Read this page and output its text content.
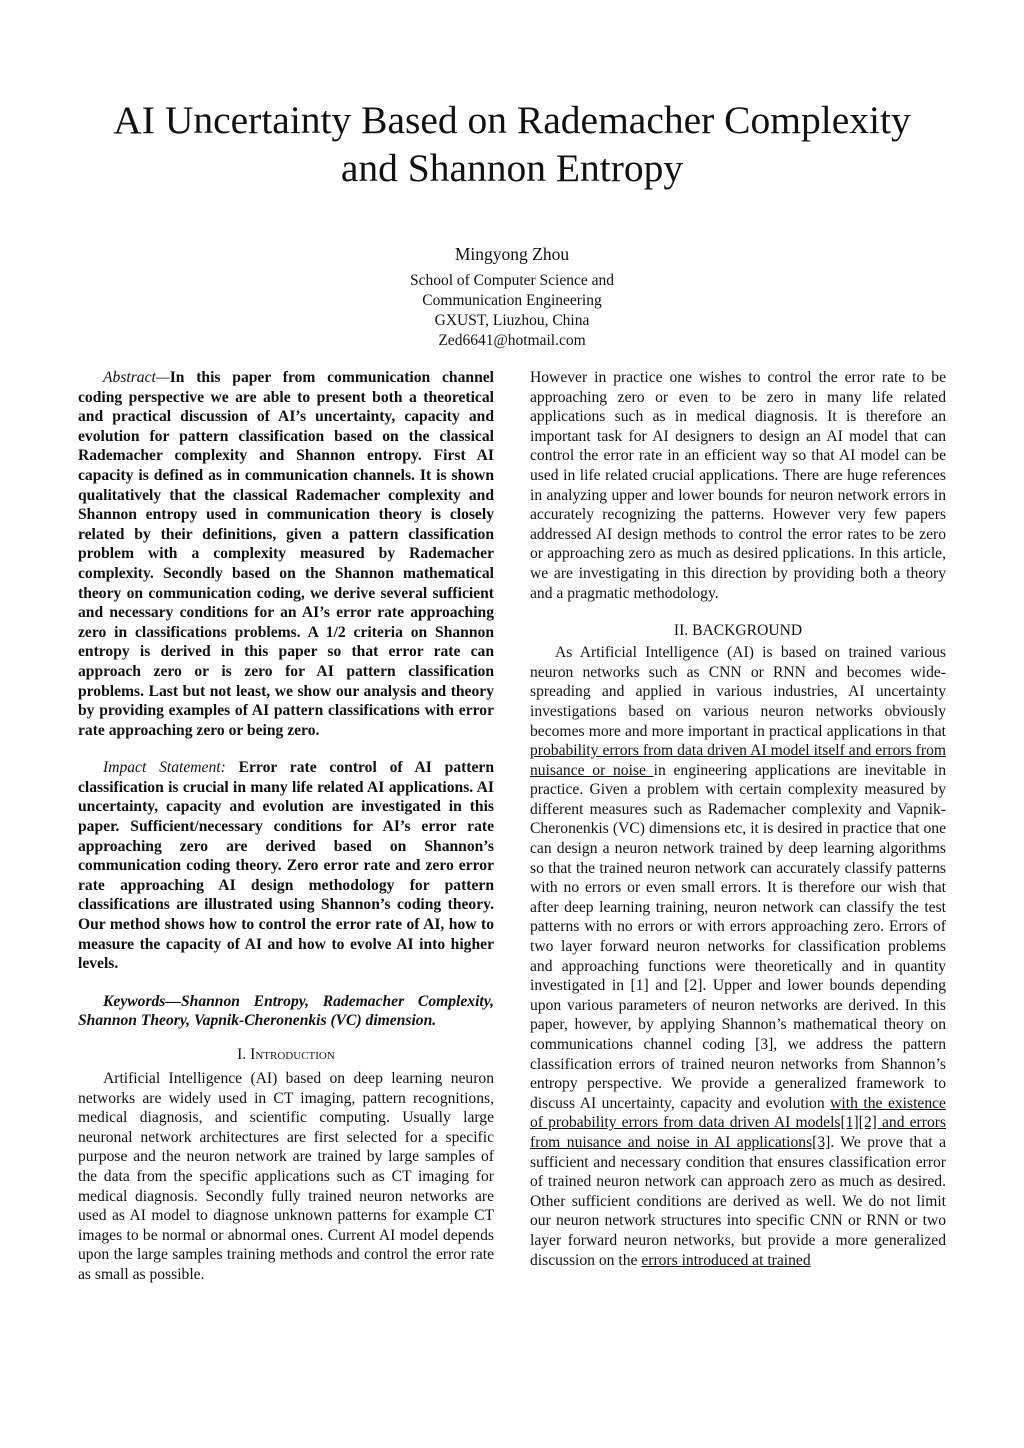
AI Uncertainty Based on Rademacher Complexity
and Shannon Entropy
Mingyong Zhou
School of Computer Science and
Communication Engineering
GXUST, Liuzhou, China
Zed6641@hotmail.com

Abstract—In this paper from communication channel coding perspective we are able to present both a theoretical and practical discussion of AI’s uncertainty, capacity and evolution for pattern classification based on the classical Rademacher complexity and Shannon entropy. First AI capacity is defined as in communication channels. It is shown qualitatively that the classical Rademacher complexity and Shannon entropy used in communication theory is closely related by their definitions, given a pattern classification problem with a complexity measured by Rademacher complexity. Secondly based on the Shannon mathematical theory on communication coding, we derive several sufficient and necessary conditions for an AI’s error rate approaching zero in classifications problems. A 1/2 criteria on Shannon entropy is derived in this paper so that error rate can approach zero or is zero for AI pattern classification problems. Last but not least, we show our analysis and theory by providing examples of AI pattern classifications with error rate approaching zero or being zero.

Impact Statement: Error rate control of AI pattern classification is crucial in many life related AI applications. AI uncertainty, capacity and evolution are investigated in this paper. Sufficient/necessary conditions for AI’s error rate approaching zero are derived based on Shannon’s communication coding theory. Zero error rate and zero error rate approaching AI design methodology for pattern classifications are illustrated using Shannon’s coding theory. Our method shows how to control the error rate of AI, how to measure the capacity of AI and how to evolve AI into higher levels.

Keywords—Shannon Entropy, Rademacher Complexity, Shannon Theory, Vapnik-Cheronenkis (VC) dimension.

I. Introduction

Artificial Intelligence (AI) based on deep learning neuron networks are widely used in CT imaging, pattern recognitions, medical diagnosis, and scientific computing. Usually large neuronal network architectures are first selected for a specific purpose and the neuron network are trained by large samples of the data from the specific applications such as CT imaging for medical diagnosis. Secondly fully trained neuron networks are used as AI model to diagnose unknown patterns for example CT images to be normal or abnormal ones. Current AI model depends upon the large samples training methods and control the error rate as small as possible.

However in practice one wishes to control the error rate to be approaching zero or even to be zero in many life related applications such as in medical diagnosis. It is therefore an important task for AI designers to design an AI model that can control the error rate in an efficient way so that AI model can be used in life related crucial applications. There are huge references in analyzing upper and lower bounds for neuron network errors in accurately recognizing the patterns. However very few papers addressed AI design methods to control the error rates to be zero or approaching zero as much as desired pplications. In this article, we are investigating in this direction by providing both a theory and a pragmatic methodology.

II. BACKGROUND

As Artificial Intelligence (AI) is based on trained various neuron networks such as CNN or RNN and becomes wide-spreading and applied in various industries, AI uncertainty investigations based on various neuron networks obviously becomes more and more important in practical applications in that probability errors from data driven AI model itself and errors from nuisance or noise in engineering applications are inevitable in practice. Given a problem with certain complexity measured by different measures such as Rademacher complexity and Vapnik-Cheronenkis (VC) dimensions etc, it is desired in practice that one can design a neuron network trained by deep learning algorithms so that the trained neuron network can accurately classify patterns with no errors or even small errors. It is therefore our wish that after deep learning training, neuron network can classify the test patterns with no errors or with errors approaching zero. Errors of two layer forward neuron networks for classification problems and approaching functions were theoretically and in quantity investigated in [1] and [2]. Upper and lower bounds depending upon various parameters of neuron networks are derived. In this paper, however, by applying Shannon’s mathematical theory on communications channel coding [3], we address the pattern classification errors of trained neuron networks from Shannon’s entropy perspective. We provide a generalized framework to discuss AI uncertainty, capacity and evolution with the existence of probability errors from data driven AI models[1][2] and errors from nuisance and noise in AI applications[3]. We prove that a sufficient and necessary condition that ensures classification error of trained neuron network can approach zero as much as desired. Other sufficient conditions are derived as well. We do not limit our neuron network structures into specific CNN or RNN or two layer forward neuron networks, but provide a more generalized discussion on the errors introduced at trained
